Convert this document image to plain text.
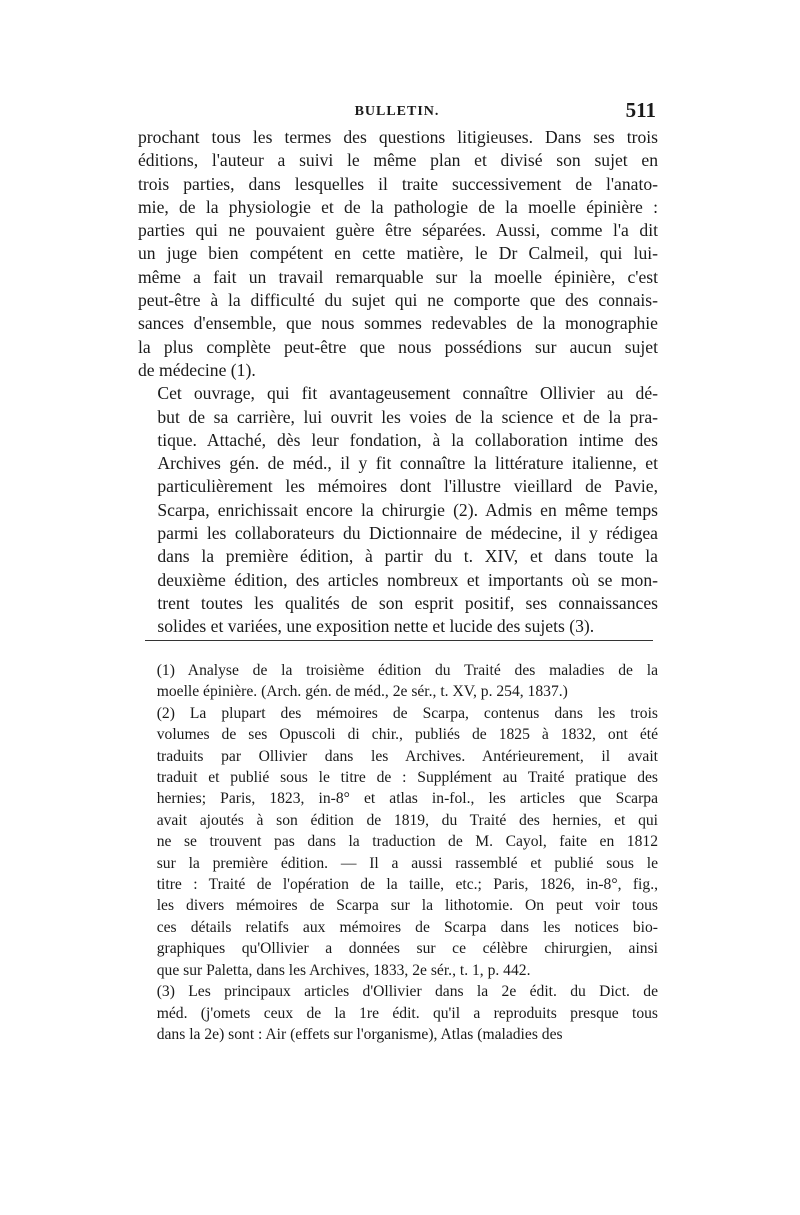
BULLETIN.	511

prochant tous les termes des questions litigieuses. Dans ses trois
éditions, l'auteur a suivi le même plan et divisé son sujet en
trois parties, dans lesquelles il traite successivement de l'anato-
mie, de la physiologie et de la pathologie de la moelle épinière :
parties qui ne pouvaient guère être séparées. Aussi, comme l'a dit
un juge bien compétent en cette matière, le Dr Calmeil, qui lui-
même a fait un travail remarquable sur la moelle épinière, c'est
peut-être à la difficulté du sujet qui ne comporte que des connais-
sances d'ensemble, que nous sommes redevables de la monographie
la plus complète peut-être que nous possédions sur aucun sujet
de médecine (1).

Cet ouvrage, qui fit avantageusement connaître Ollivier au dé-
but de sa carrière, lui ouvrit les voies de la science et de la pra-
tique. Attaché, dès leur fondation, à la collaboration intime des
Archives gén. de méd., il y fit connaître la littérature italienne, et
particulièrement les mémoires dont l'illustre vieillard de Pavie,
Scarpa, enrichissait encore la chirurgie (2). Admis en même temps
parmi les collaborateurs du Dictionnaire de médecine, il y rédigea
dans la première édition, à partir du t. XIV, et dans toute la
deuxième édition, des articles nombreux et importants où se mon-
trent toutes les qualités de son esprit positif, ses connaissances
solides et variées, une exposition nette et lucide des sujets (3).

(1) Analyse de la troisième édition du Traité des maladies de la
moelle épinière. (Arch. gén. de méd., 2e sér., t. XV, p. 254, 1837.)

(2) La plupart des mémoires de Scarpa, contenus dans les trois
volumes de ses Opuscoli di chir., publiés de 1825 à 1832, ont été
traduits par Ollivier dans les Archives. Antérieurement, il avait
traduit et publié sous le titre de : Supplément au Traité pratique des
hernies; Paris, 1823, in-8° et atlas in-fol., les articles que Scarpa
avait ajoutés à son édition de 1819, du Traité des hernies, et qui
ne se trouvent pas dans la traduction de M. Cayol, faite en 1812
sur la première édition. — Il a aussi rassemblé et publié sous le
titre : Traité de l'opération de la taille, etc.; Paris, 1826, in-8°, fig.,
les divers mémoires de Scarpa sur la lithotomie. On peut voir tous
ces détails relatifs aux mémoires de Scarpa dans les notices bio-
graphiques qu'Ollivier a données sur ce célèbre chirurgien, ainsi
que sur Paletta, dans les Archives, 1833, 2e sér., t. 1, p. 442.

(3) Les principaux articles d'Ollivier dans la 2e édit. du Dict. de
méd. (j'omets ceux de la 1re édit. qu'il a reproduits presque tous
dans la 2e) sont : Air (effets sur l'organisme), Atlas (maladies des
